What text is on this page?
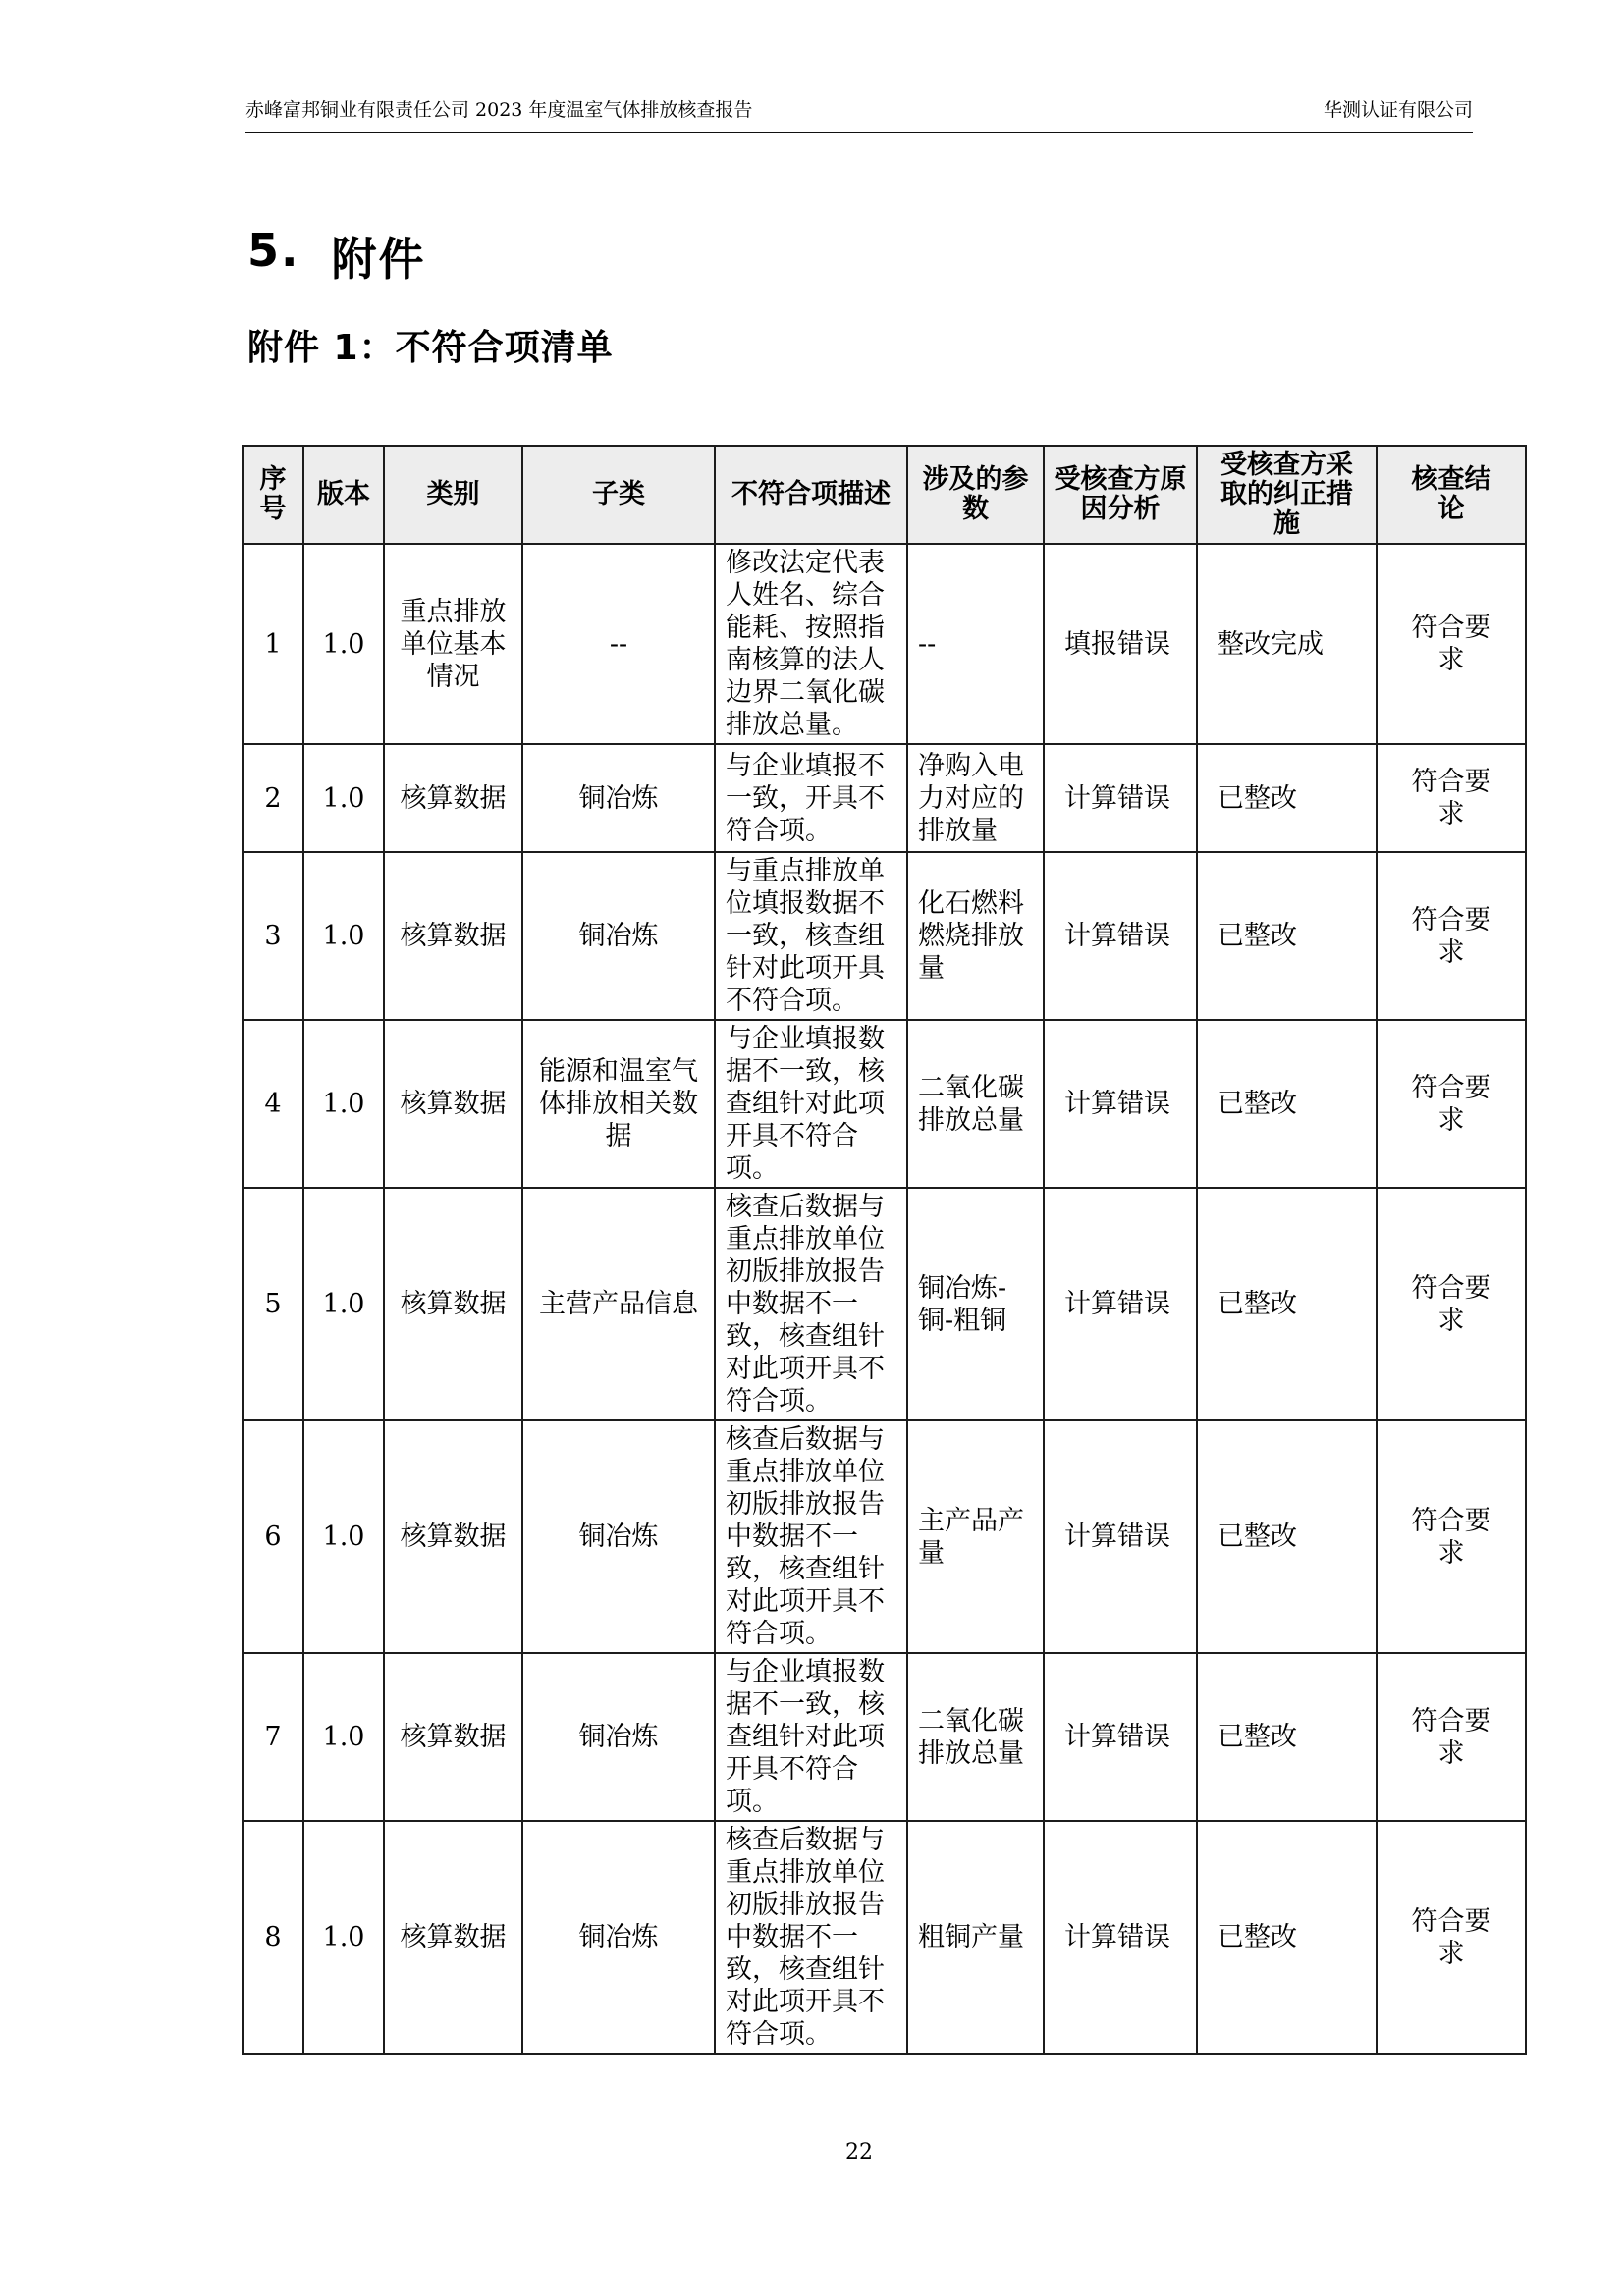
赤峰富邦铜业有限责任公司 2023 年度温室气体排放核查报告	华测认证有限公司
5. 附件
附件 1：不符合项清单
序号	版本	类别	子类	不符合项描述	涉及的参数	受核查方原因分析	受核查方采取的纠正措施	核查结论
1	1.0	重点排放单位基本情况	--	修改法定代表人姓名、综合能耗、按照指南核算的法人边界二氧化碳排放总量。	--	填报错误	整改完成	符合要求
2	1.0	核算数据	铜冶炼	与企业填报不一致，开具不符合项。	净购入电力对应的排放量	计算错误	已整改	符合要求
3	1.0	核算数据	铜冶炼	与重点排放单位填报数据不一致，核查组针对此项开具不符合项。	化石燃料燃烧排放量	计算错误	已整改	符合要求
4	1.0	核算数据	能源和温室气体排放相关数据	与企业填报数据不一致，核查组针对此项开具不符合项。	二氧化碳排放总量	计算错误	已整改	符合要求
5	1.0	核算数据	主营产品信息	核查后数据与重点排放单位初版排放报告中数据不一致，核查组针对此项开具不符合项。	铜冶炼-铜-粗铜	计算错误	已整改	符合要求
6	1.0	核算数据	铜冶炼	核查后数据与重点排放单位初版排放报告中数据不一致，核查组针对此项开具不符合项。	主产品产量	计算错误	已整改	符合要求
7	1.0	核算数据	铜冶炼	与企业填报数据不一致，核查组针对此项开具不符合项。	二氧化碳排放总量	计算错误	已整改	符合要求
8	1.0	核算数据	铜冶炼	核查后数据与重点排放单位初版排放报告中数据不一致，核查组针对此项开具不符合项。	粗铜产量	计算错误	已整改	符合要求
22
